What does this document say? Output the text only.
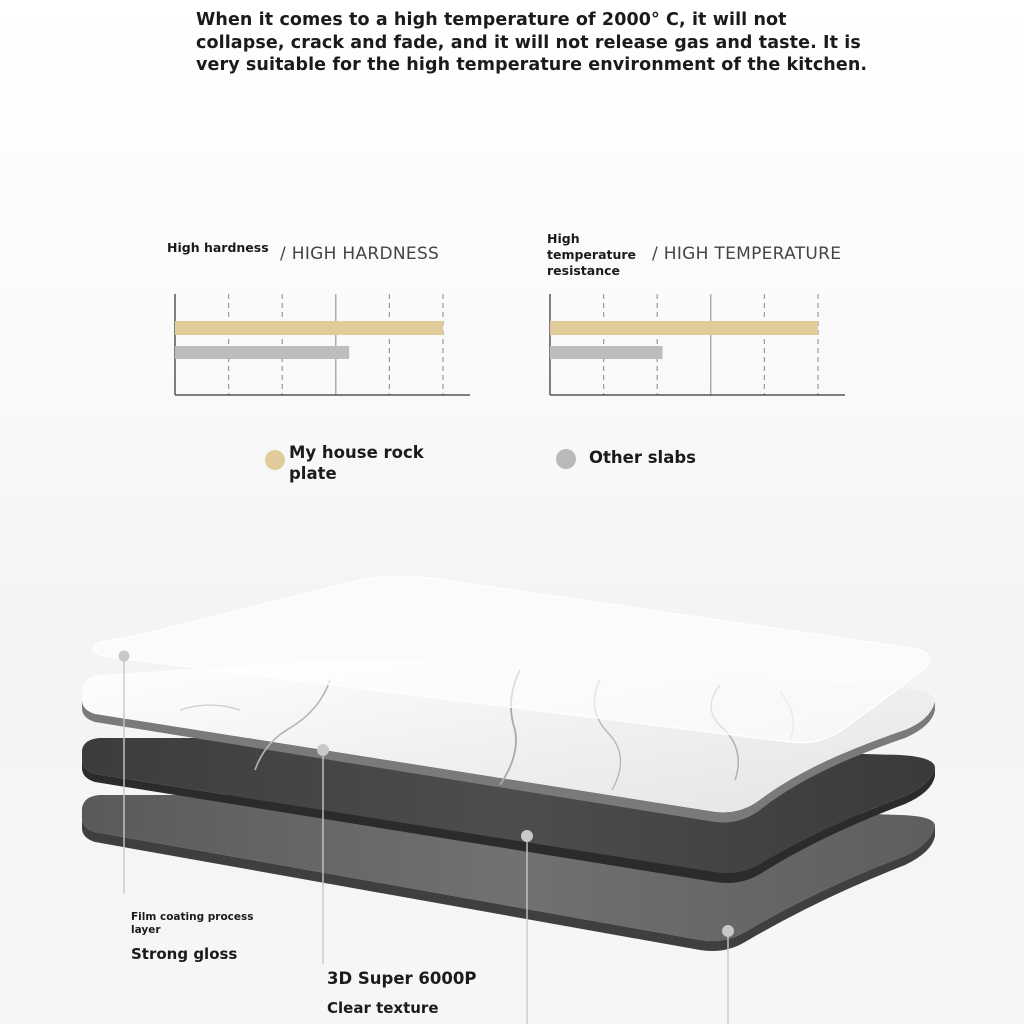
When it comes to a high temperature of 2000° C, it will not collapse, crack and fade, and it will not release gas and taste. It is very suitable for the high temperature environment of the kitchen.

High hardness / HIGH HARDNESS

High temperature resistance

/ HIGH TEMPERATURE

My house rock plate

Other slabs

Film coating process layer

Strong gloss

3D Super 6000P

Clear texture
